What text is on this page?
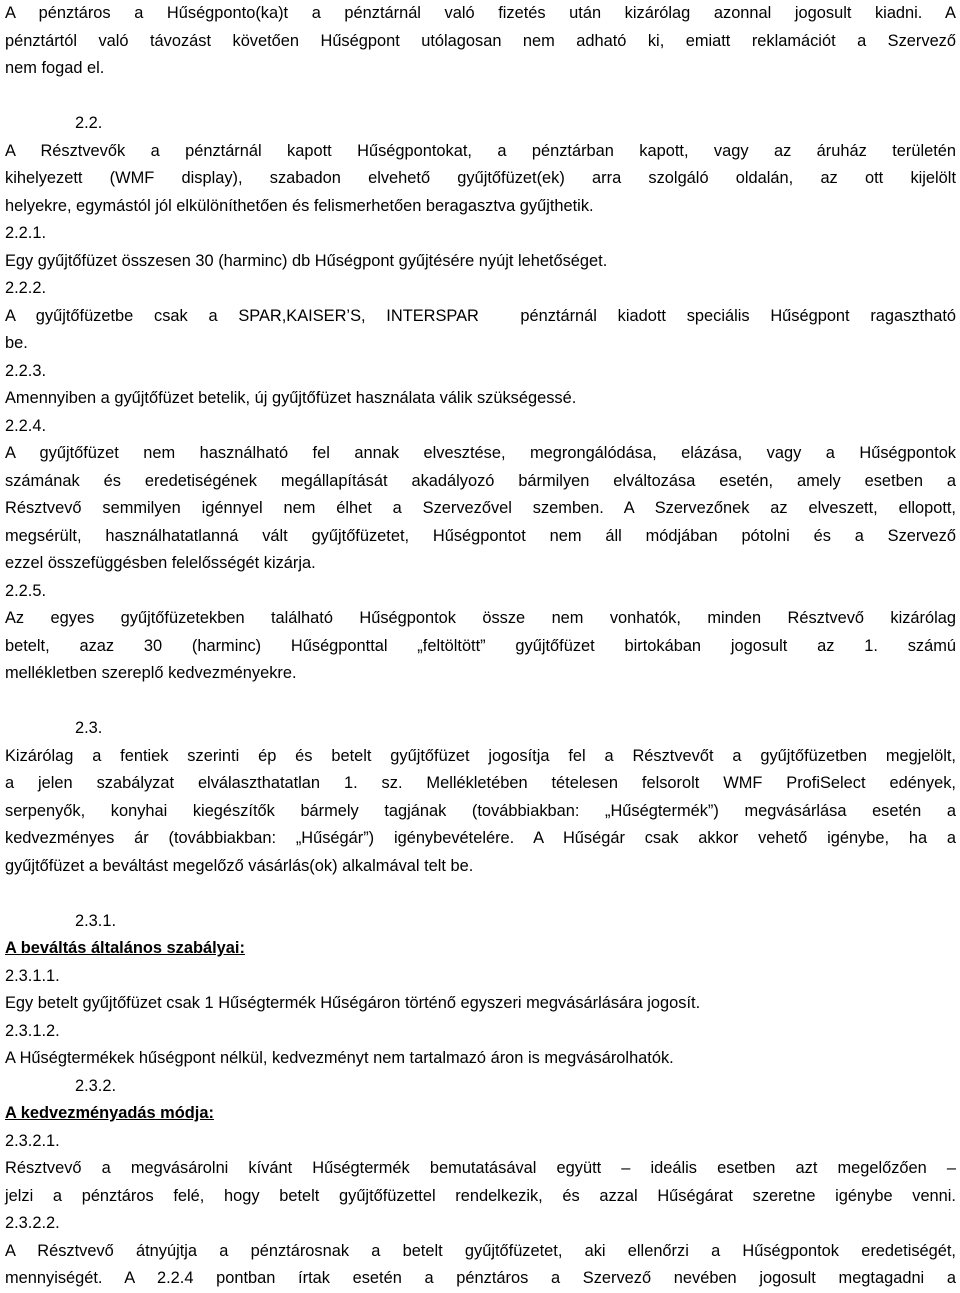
A pénztáros a Hűségponto(ka)t a pénztárnál való fizetés után kizárólag azonnal jogosult kiadni. A
pénztártól való távozást követően Hűségpont utólagosan nem adható ki, emiatt reklamációt a Szervező
nem fogad el.
2.2.
A Résztvevők a pénztárnál kapott Hűségpontokat, a pénztárban kapott, vagy az áruház területén
kihelyezett (WMF display), szabadon elvehető gyűjtőfüzet(ek) arra szolgáló oldalán, az ott kijelölt
helyekre, egymástól jól elkülöníthetően és felismerhetően beragasztva gyűjthetik.
2.2.1.
Egy gyűjtőfüzet összesen 30 (harminc) db Hűségpont gyűjtésére nyújt lehetőséget.
2.2.2.
A gyűjtőfüzetbe csak a SPAR,KAISER’S, INTERSPAR  pénztárnál kiadott speciális Hűségpont ragasztható
be.
2.2.3.
Amennyiben a gyűjtőfüzet betelik, új gyűjtőfüzet használata válik szükségessé.
2.2.4.
A gyűjtőfüzet nem használható fel annak elvesztése, megrongálódása, elázása, vagy a Hűségpontok
számának és eredetiségének megállapítását akadályozó bármilyen elváltozása esetén, amely esetben a
Résztvevő semmilyen igénnyel nem élhet a Szervezővel szemben. A Szervezőnek az elveszett, ellopott,
megsérült, használhatatlanná vált gyűjtőfüzetet, Hűségpontot nem áll módjában pótolni és a Szervező
ezzel összefüggésben felelősségét kizárja.
2.2.5.
Az egyes gyűjtőfüzetekben található Hűségpontok össze nem vonhatók, minden Résztvevő kizárólag
betelt, azaz 30 (harminc) Hűségponttal „feltöltött” gyűjtőfüzet birtokában jogosult az 1. számú
mellékletben szereplő kedvezményekre.
2.3.
Kizárólag a fentiek szerinti ép és betelt gyűjtőfüzet jogosítja fel a Résztvevőt a gyűjtőfüzetben megjelölt,
a jelen szabályzat elválaszthatatlan 1. sz. Mellékletében tételesen felsorolt WMF ProfiSelect edények,
serpenyők, konyhai kiegészítők bármely tagjának (továbbiakban: „Hűségtermék”) megvásárlása esetén a
kedvezményes ár (továbbiakban: „Hűségár”) igénybevételére. A Hűségár csak akkor vehető igénybe, ha a
gyűjtőfüzet a beváltást megelőző vásárlás(ok) alkalmával telt be.
2.3.1.
A beváltás általános szabályai:
2.3.1.1.
Egy betelt gyűjtőfüzet csak 1 Hűségtermék Hűségáron történő egyszeri megvásárlására jogosít.
2.3.1.2.
A Hűségtermékek hűségpont nélkül, kedvezményt nem tartalmazó áron is megvásárolhatók.
2.3.2.
A kedvezményadás módja:
2.3.2.1.
Résztvevő a megvásárolni kívánt Hűségtermék bemutatásával együtt – ideális esetben azt megelőzően –
jelzi a pénztáros felé, hogy betelt gyűjtőfüzettel rendelkezik, és azzal Hűségárat szeretne igénybe venni.
2.3.2.2.
A Résztvevő átnyújtja a pénztárosnak a betelt gyűjtőfüzetet, aki ellenőrzi a Hűségpontok eredetiségét,
mennyiségét. A 2.2.4 pontban írtak esetén a pénztáros a Szervező nevében jogosult megtagadni a
